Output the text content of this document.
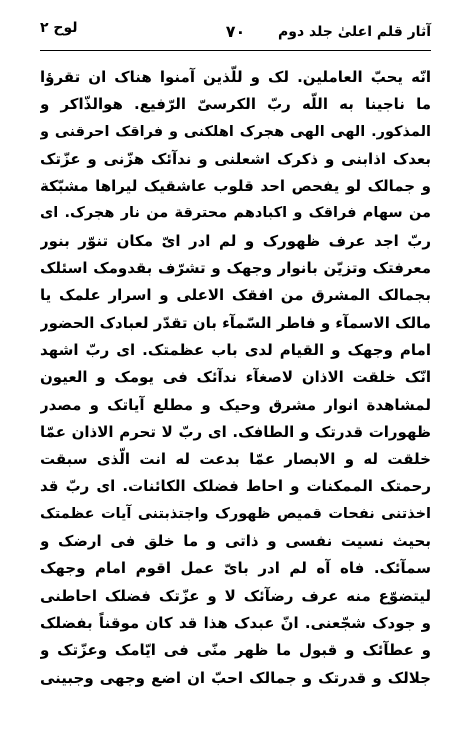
آثار قلم اعلیٰ جلد دوم
۷۰
لوح ۲
انّه یحبّ العاملین. لک و للّذین آمنوا هناک ان تقرؤا
ما ناجینا به اللّه ربّ الکرسیّ الرّفیع. هوالذّاکر و
المذکور. الهی الهی هجرک اهلکنی و فراقک احرقنی و
بعدک اذابنی و ذکرک اشعلنی و ندآئک هزّنی و عزّتک
و جمالک لو یفحص احد قلوب عاشقیک لیراها مشبّکة
من سهام فراقک و اکبادهم محترقة من نار هجرک. ای
ربّ اجد عرف ظهورک و لم ادر ایّ مکان تنوّر بنور
معرفتک وتزیّن بانوار وجهک و تشرّف بقدومک اسئلک
بجمالک المشرق من افقک الاعلی و اسرار علمک یا
مالک الاسمآء و فاطر السّمآء بان تقدّر لعبادک الحضور
امام وجهک و القیام لدی باب عظمتک. ای ربّ اشهد
انّک خلقت الاذان لاصغآء ندآئک فی یومک و العیون
لمشاهدة انوار مشرق وحیک و مطلع آیاتک و مصدر
ظهورات قدرتک و الطافک. ای ربّ لا تحرم الاذان عمّا
خلقت له و الابصار عمّا بدعت له انت الّذی سبقت
رحمتک الممکنات و احاط فضلک الکائنات. ای ربّ قد
اخذتنی نفحات قمیص ظهورک واجتذبتنی آیات عظمتک
بحیث نسیت نفسی و ذاتی و ما خلق فی ارضک و
سمآئک. فاه آه لم ادر بایّ عمل اقوم امام وجهک
لیتضوّع منه عرف رضآئک لا و عزّتک فضلک احاطنی
و جودک شجّعنی. انّ عبدک هذا قد کان موقناً بفضلک
و عطآئک و قبول ما ظهر منّی فی ایّامک وعزّتک و
جلالک و قدرتک و جمالک احبّ ان اضع وجهی وجبینی
